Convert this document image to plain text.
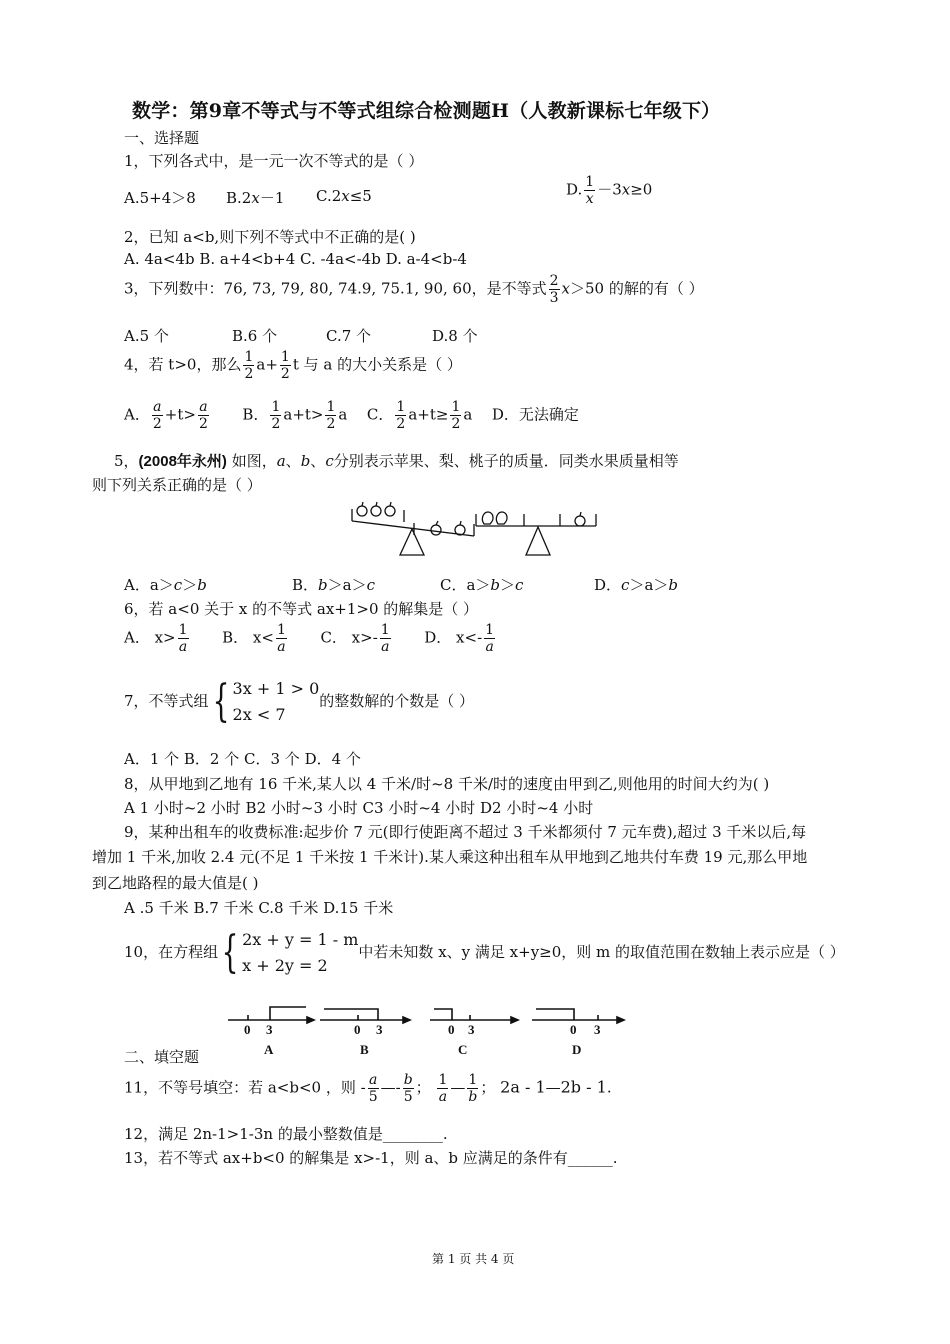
数学：第9章不等式与不等式组综合检测题H（人教新课标七年级下）
一、选择题
1，下列各式中，是一元一次不等式的是（ ）
A.5+4＞8 B.2x－1 C.2x≤5	D. $\frac{1}{x} -3x\ge 0$
2，已知 a<b,则下列不等式中不正确的是( )
A. 4a<4b B. a+4<b+4 C. -4a<-4b D. a-4<b-4
3，下列数中：76, 73, 79, 80, 74.9, 75.1, 90, 60，是不等式 $\frac{2}{3} x>50$ 的解的有（ ）
A.5 个	B.6 个	C.7 个	D.8 个
4，若 t>0，那么 $\frac{1}{2} a+ \frac{1}{2}$ t 与 a 的大小关系是（ ）
A． $\frac{a}{2} +t> \frac{a}{2}$ B． $\frac{1}{2} a+t> \frac{1}{2}$ a C． $\frac{1}{2} a+t\ge \frac{1}{2}$ a D．无法确定
5，(2008年永州) 如图，a、b、c分别表示苹果、梨、桃子的质量．同类水果质量相等
则下列关系正确的是（ ）
A．a＞c＞b	B．b＞a＞c	C．a＞b＞c	D．c＞a＞b
6，若 a<0 关于 x 的不等式 ax+1>0 的解集是（ ）
A． $x> \frac{1}{a}$ B． $x< \frac{1}{a}$ C． $x>- \frac{1}{a}$ D． $x<- \frac{1}{a}$
7，不等式组{ 3x + 1 > 0
2x < 7
的整数解的个数是（ ）
A．1 个 B．2 个 C．3 个 D．4 个
8，从甲地到乙地有 16 千米,某人以 4 千米/时~8 千米/时的速度由甲到乙,则他用的时间大约为( )
A 1 小时~2 小时 B2 小时~3 小时 C3 小时~4 小时 D2 小时~4 小时
9，某种出租车的收费标准:起步价 7 元(即行使距离不超过 3 千米都须付 7 元车费),超过 3 千米以后,每
增加 1 千米,加收 2.4 元(不足 1 千米按 1 千米计).某人乘这种出租车从甲地到乙地共付车费 19 元,那么甲地
到乙地路程的最大值是( )
A .5 千米 B.7 千米 C.8 千米 D.15 千米
10，在方程组{ 2x + y = 1 - m
x + 2y = 2
中若未知数 x、y 满足 x+y≥0，则 m 的取值范围在数轴上表示应是（ ）
0 3
A
0 3
B
0 3
C
0 3
D
二、填空题
11，不等号填空：若 a<b<0 ，则 - $\frac{a}{5}$ —- $\frac{b}{5}$ ； $\frac{1}{a}$ — $\frac{1}{b}$ ； 2a - 1—2b - 1.
12，满足 2n-1>1-3n 的最小整数值是________.
13，若不等式 ax+b<0 的解集是 x>-1，则 a、b 应满足的条件有______.
第 1 页 共 4 页
